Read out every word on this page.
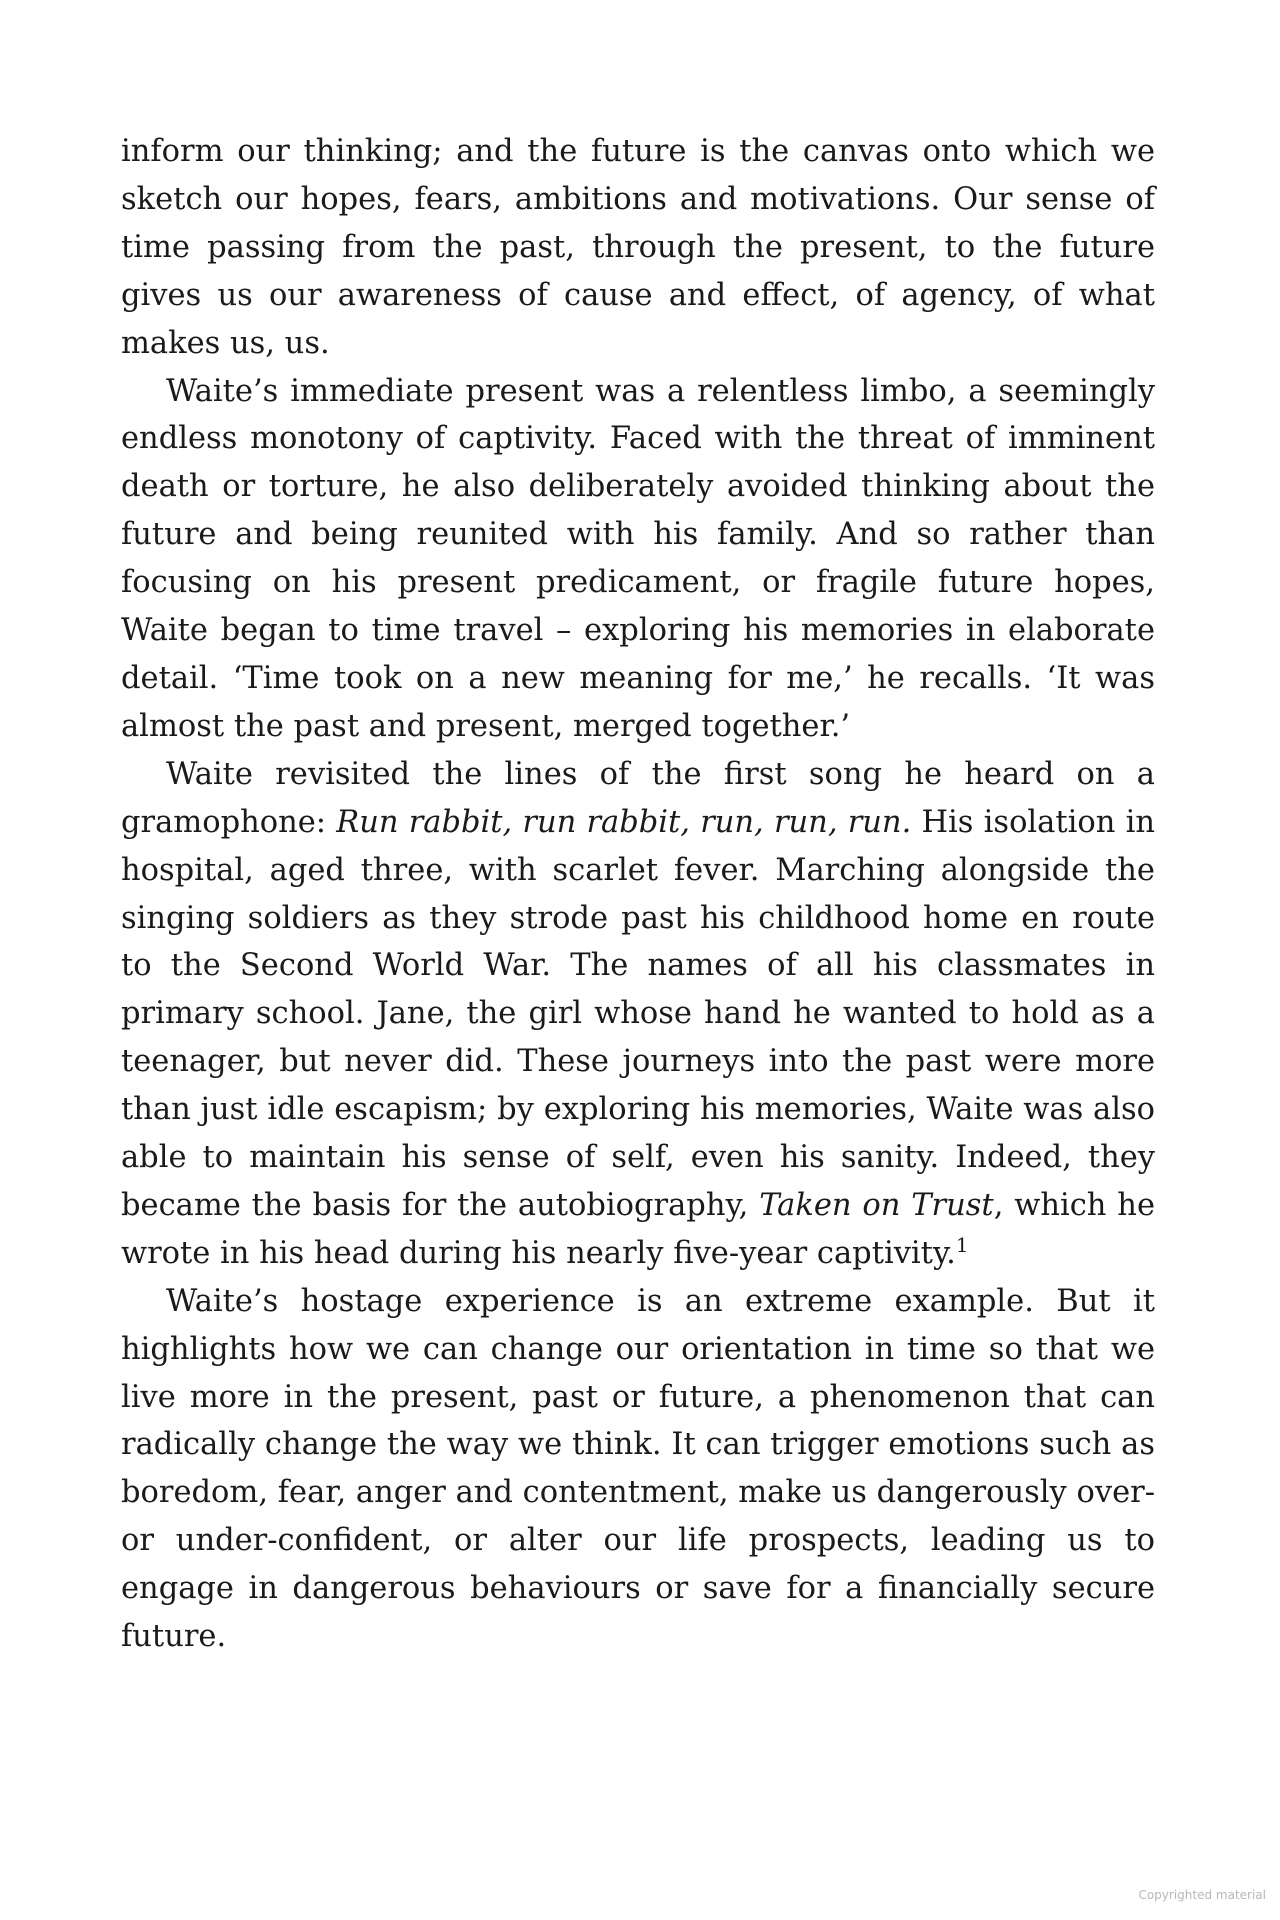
inform our thinking; and the future is the canvas onto which we sketch our hopes, fears, ambitions and motivations. Our sense of time passing from the past, through the present, to the future gives us our awareness of cause and effect, of agency, of what makes us, us.

Waite’s immediate present was a relentless limbo, a seemingly endless monotony of captivity. Faced with the threat of imminent death or torture, he also deliberately avoided thinking about the future and being reunited with his family. And so rather than focusing on his present predicament, or fragile future hopes, Waite began to time travel – exploring his memories in elaborate detail. ‘Time took on a new meaning for me,’ he recalls. ‘It was almost the past and present, merged together.’

Waite revisited the lines of the first song he heard on a gramophone: Run rabbit, run rabbit, run, run, run. His isolation in hospital, aged three, with scarlet fever. Marching alongside the singing soldiers as they strode past his childhood home en route to the Second World War. The names of all his classmates in primary school. Jane, the girl whose hand he wanted to hold as a teenager, but never did. These journeys into the past were more than just idle escapism; by exploring his memories, Waite was also able to maintain his sense of self, even his sanity. Indeed, they became the basis for the autobiography, Taken on Trust, which he wrote in his head during his nearly five-year captivity.$^1$

Waite’s hostage experience is an extreme example. But it highlights how we can change our orientation in time so that we live more in the present, past or future, a phenomenon that can radically change the way we think. It can trigger emotions such as boredom, fear, anger and contentment, make us dangerously over- or under-confident, or alter our life prospects, leading us to engage in dangerous behaviours or save for a financially secure future.

Copyrighted material
